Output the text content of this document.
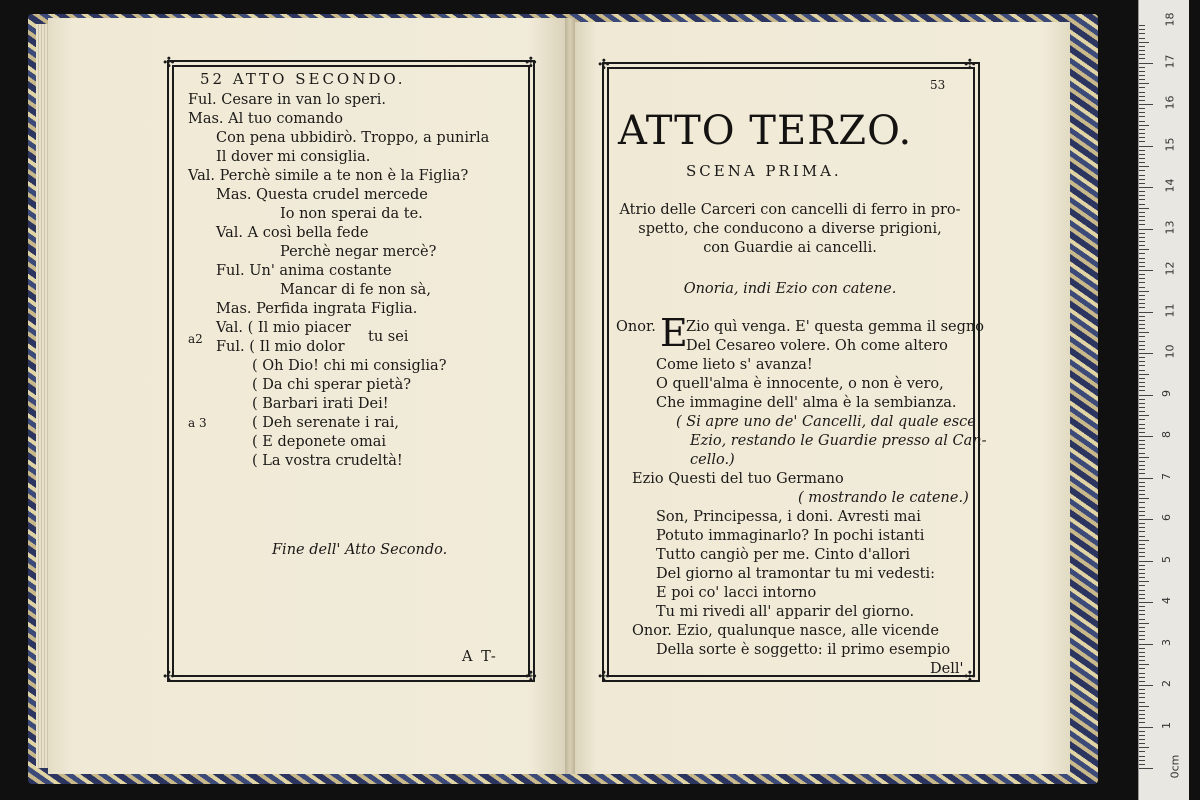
✣	✣
✣	✣
52 ATTO SECONDO.
Ful. Cesare in van lo speri.
Mas. Al tuo comando
Con pena ubbidirò. Troppo, a punirla
Il dover mi consiglia.
Val. Perchè simile a te non è la Figlia?
Mas. Questa crudel mercede
Io non sperai da te.
Val. A così bella fede
Perchè negar mercè?
Ful. Un' anima costante
Mancar di fe non sà,
Mas. Perfida ingrata Figlia.
Val. ( Il mio piacer
Ful. ( Il mio dolor
tu sei
a2
( Oh Dio! chi mi consiglia?
( Da chi sperar pietà?
( Barbari irati Dei!
a 3	( Deh serenate i rai,
( E deponete omai
( La vostra crudeltà!
Fine dell' Atto Secondo.
A T-
✣	✣
✣	✣
53
ATTO TERZO.
SCENA PRIMA.
Atrio delle Carceri con cancelli di ferro in pro-
spetto, che conducono a diverse prigioni,
con Guardie ai cancelli.
Onoria, indi Ezio con catene.
E
Onor. Zio quì venga. E' questa gemma il segno
Del Cesareo volere. Oh come altero
Come lieto s' avanza!
O quell'alma è innocente, o non è vero,
Che immagine dell' alma è la sembianza.
( Si apre uno de' Cancelli, dal quale esce
Ezio, restando le Guardie presso al Can-
cello.)
Ezio Questi del tuo Germano
( mostrando le catene.)
Son, Principessa, i doni. Avresti mai
Potuto immaginarlo? In pochi istanti
Tutto cangiò per me. Cinto d'allori
Del giorno al tramontar tu mi vedesti:
E poi co' lacci intorno
Tu mi rivedi all' apparir del giorno.
Onor. Ezio, qualunque nasce, alle vicende
Della sorte è soggetto: il primo esempio
Dell'
0cm
1
2
3
4
5
6
7
8
9
10
11
12
13
14
15
16
17
18
